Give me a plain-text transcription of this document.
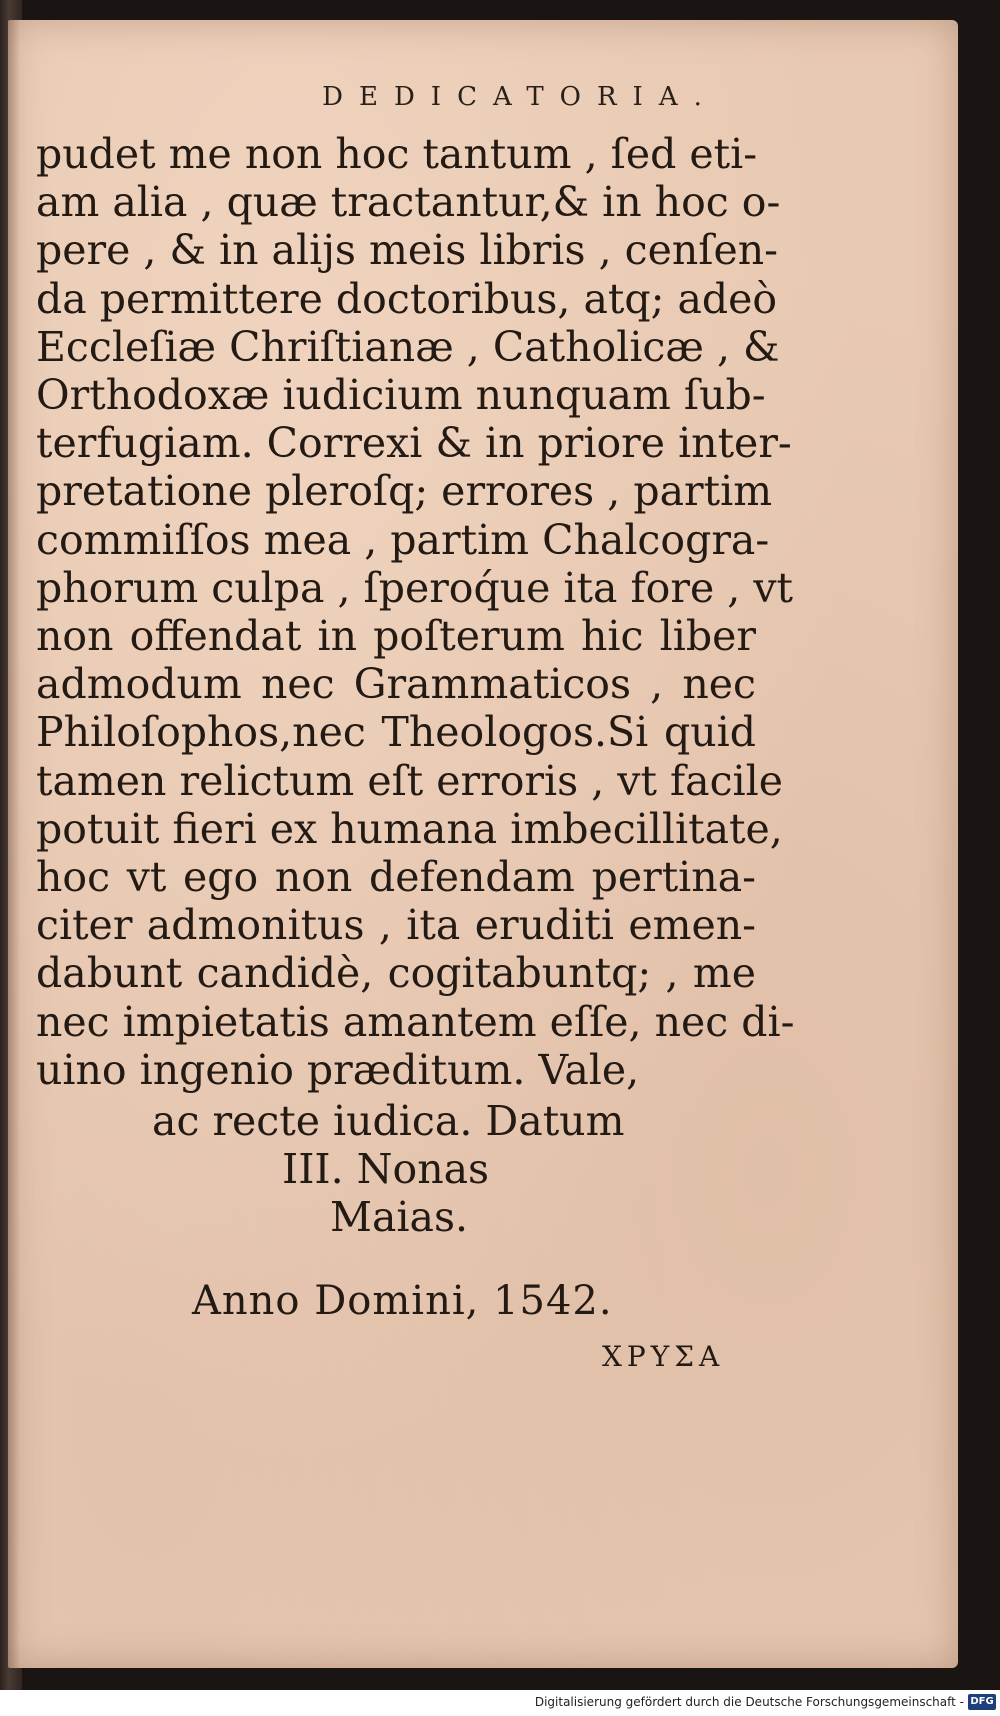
DEDICATORIA.
pudet me non hoc tantum , ſed eti-
am alia , quæ tractantur,& in hoc o-
pere , & in alijs meis libris , cenſen-
da permittere doctoribus, atq; adeò
Eccleſiæ Chriſtianæ , Catholicæ , &
Orthodoxæ iudicium nunquam ſub-
terfugiam. Correxi & in priore inter-
pretatione pleroſq; errores , partim
commiſſos mea , partim Chalcogra-
phorum culpa , ſperoq́ue ita fore , vt
non offendat in poſterum hic liber
admodum nec Grammaticos , nec
Philoſophos,nec Theologos.Si quid
tamen relictum eſt erroris , vt facile
potuit fieri ex humana imbecillitate,
hoc vt ego non defendam pertina-
citer admonitus , ita eruditi emen-
dabunt candidè, cogitabuntq; , me
nec impietatis amantem eſſe, nec di-
uino ingenio præditum. Vale,
ac recte iudica. Datum
III. Nonas
Maias.
Anno Domini, 1542.
XPYΣA
Digitalisierung gefördert durch die Deutsche Forschungsgemeinschaft - DFG
